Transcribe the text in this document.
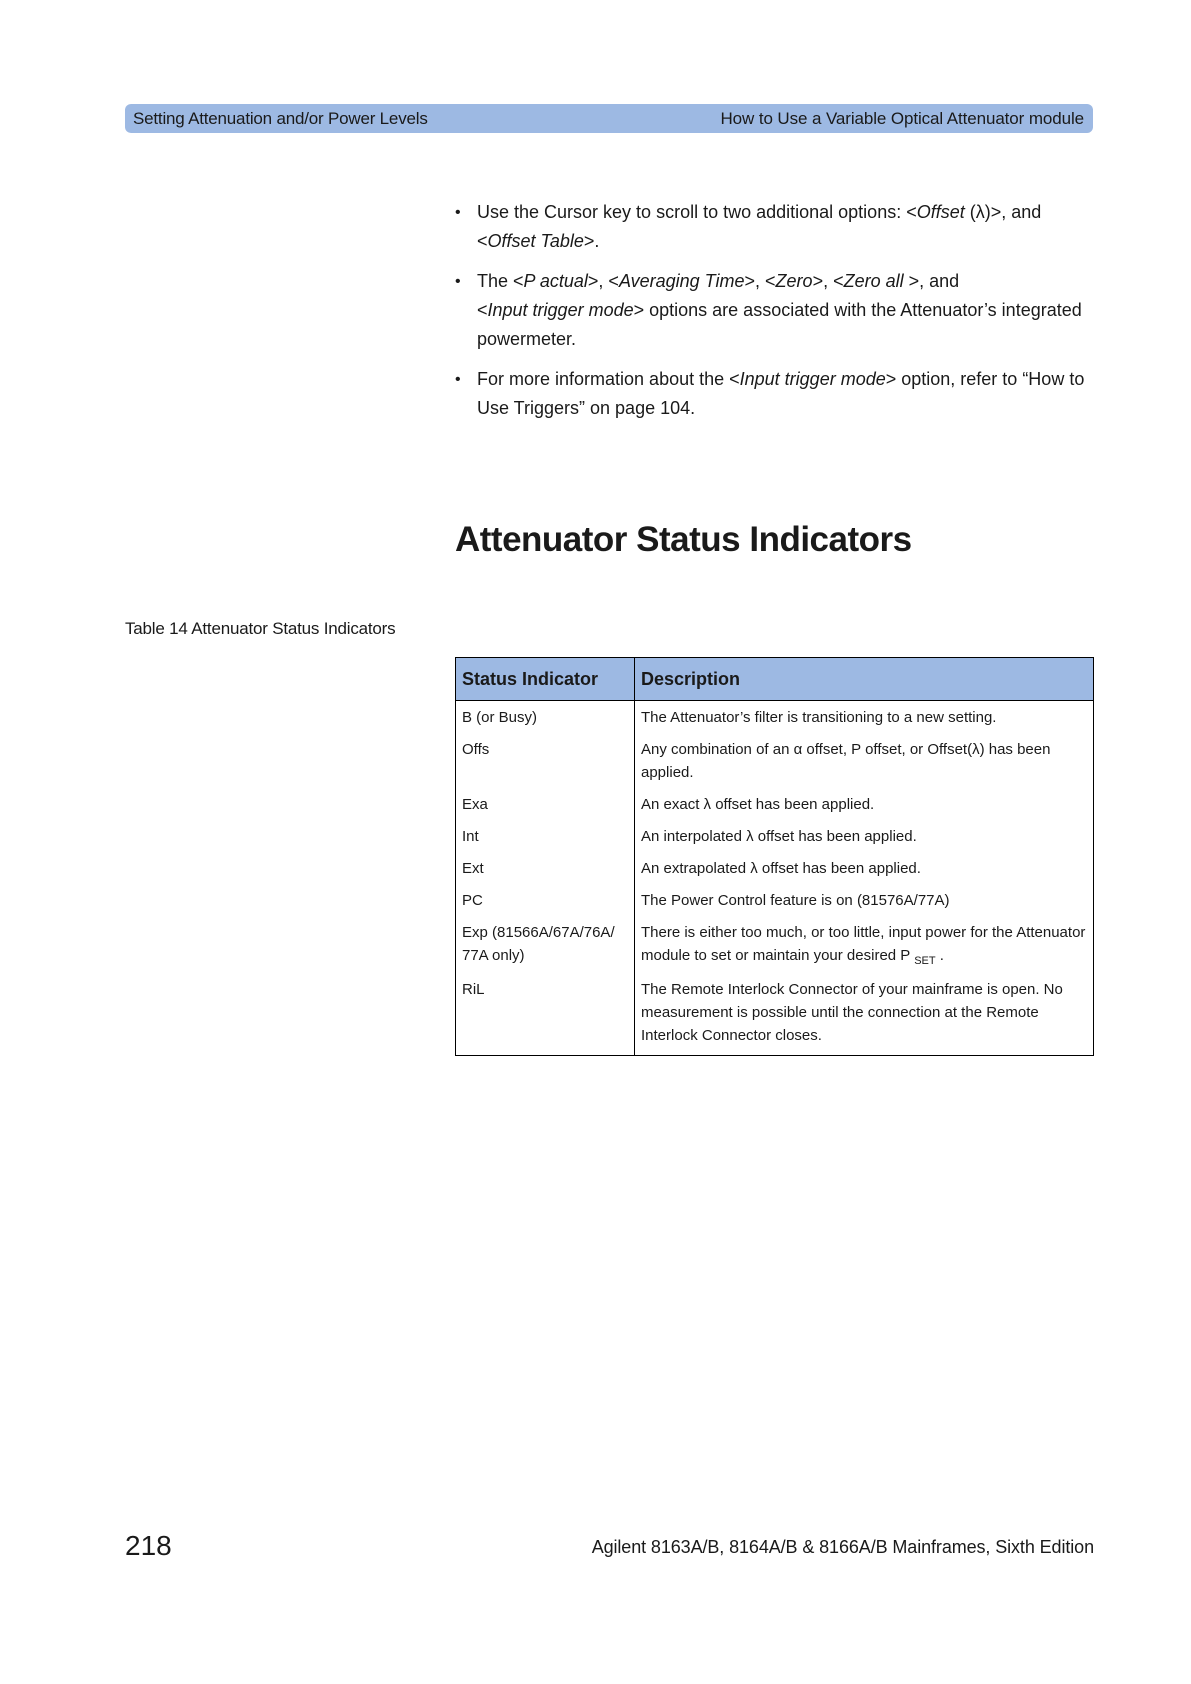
Setting Attenuation and/or Power Levels	How to Use a Variable Optical Attenuator module
• Use the Cursor key to scroll to two additional options: <Offset (λ)>, and
<Offset Table>.
• The <P actual>, <Averaging Time>, <Zero>, <Zero all >, and
<Input trigger mode> options are associated with the Attenuator’s integrated powermeter.
• For more information about the <Input trigger mode> option, refer to “How to Use Triggers” on page 104.
Attenuator Status Indicators
Table 14 Attenuator Status Indicators
Status Indicator	Description
B (or Busy)	The Attenuator’s filter is transitioning to a new setting.
Offs	Any combination of an α offset, P offset, or Offset(λ) has been applied.
Exa	An exact λ offset has been applied.
Int	An interpolated λ offset has been applied.
Ext	An extrapolated λ offset has been applied.
PC	The Power Control feature is on (81576A/77A)
Exp (81566A/67A/76A/ 77A only)	There is either too much, or too little, input power for the Attenuator module to set or maintain your desired P $_{SET}$ .
RiL	The Remote Interlock Connector of your mainframe is open. No measurement is possible until the connection at the Remote Interlock Connector closes.
218	Agilent 8163A/B, 8164A/B & 8166A/B Mainframes, Sixth Edition
